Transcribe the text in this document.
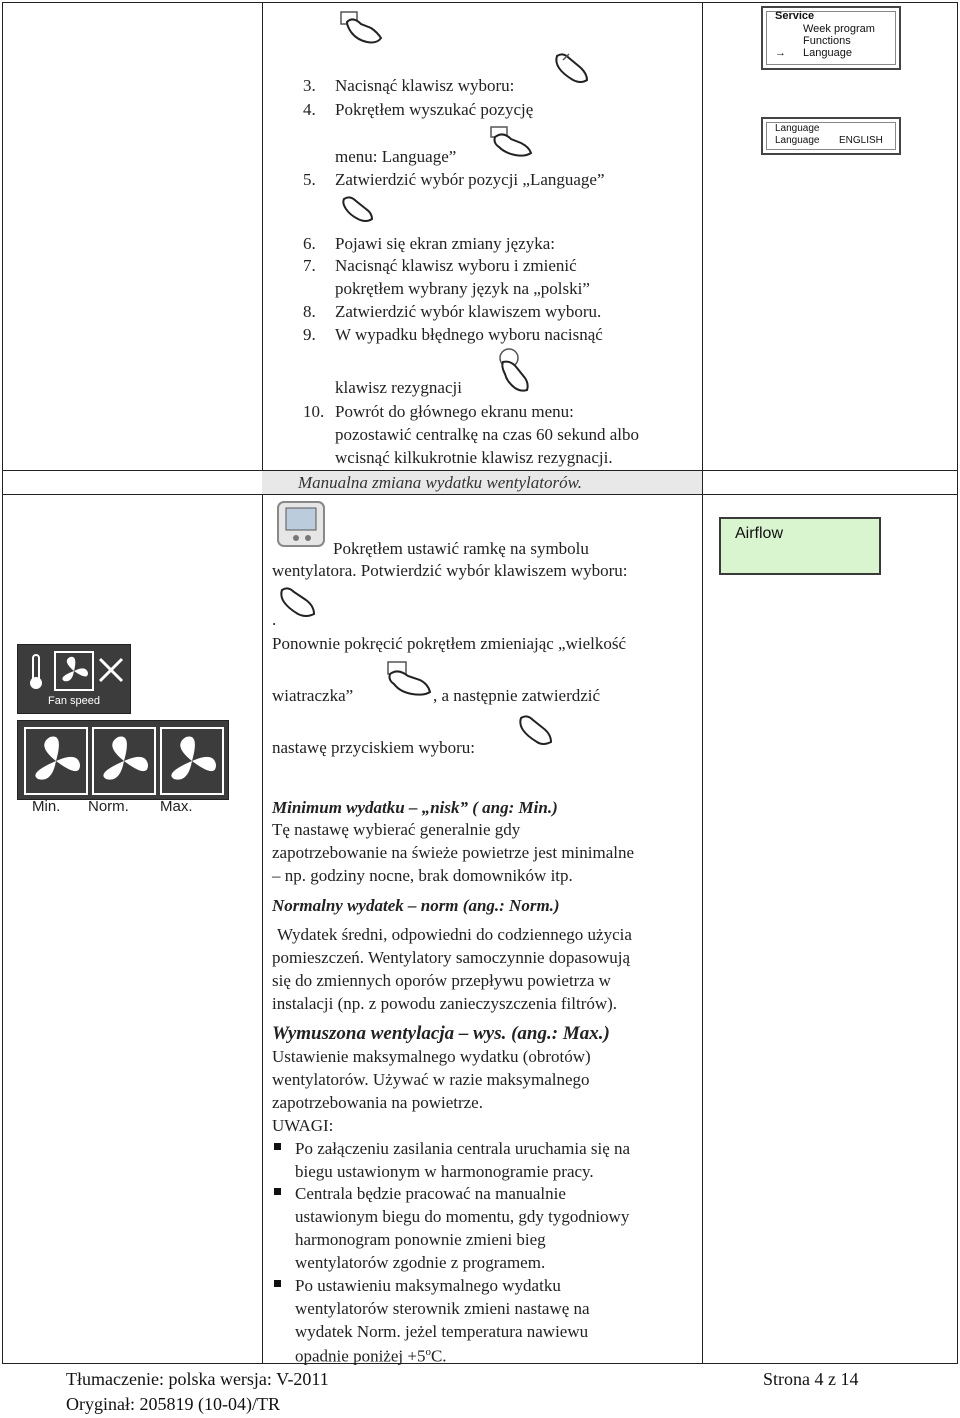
Manualna zmiana wydatku wentylatorów.
3. Nacisnąć klawisz wyboru:
4. Pokrętłem wyszukać pozycję
menu: Language”
5. Zatwierdzić wybór pozycji „Language”
6. Pojawi się ekran zmiany języka:
7. Nacisnąć klawisz wyboru i zmienić
pokrętłem wybrany język na „polski”
8. Zatwierdzić wybór klawiszem wyboru.
9. W wypadku błędnego wyboru nacisnąć
klawisz rezygnacji
10. Powrót do głównego ekranu menu:
pozostawić centralkę na czas 60 sekund albo
wcisnąć kilkukrotnie klawisz rezygnacji.
Service
Week program
Functions
→ Language
Language
Language ENGLISH
Airflow
Pokrętłem ustawić ramkę na symbolu
wentylatora. Potwierdzić wybór klawiszem wyboru:
.
Ponownie pokręcić pokrętłem zmieniając „wielkość
wiatraczka”	, a następnie zatwierdzić
nastawę przyciskiem wyboru:
Fan speed
Min. Norm. Max.	Minimum wydatku – „nisk” ( ang: Min.)
Tę nastawę wybierać generalnie gdy
zapotrzebowanie na świeże powietrze jest minimalne
– np. godziny nocne, brak domowników itp.
Normalny wydatek – norm (ang.: Norm.)
Wydatek średni, odpowiedni do codziennego użycia
pomieszczeń. Wentylatory samoczynnie dopasowują
się do zmiennych oporów przepływu powietrza w
instalacji (np. z powodu zanieczyszczenia filtrów).
Wymuszona wentylacja – wys. (ang.: Max.)
Ustawienie maksymalnego wydatku (obrotów)
wentylatorów. Używać w razie maksymalnego
zapotrzebowania na powietrze.
UWAGI:
Po załączeniu zasilania centrala uruchamia się na
biegu ustawionym w harmonogramie pracy.
Centrala będzie pracować na manualnie
ustawionym biegu do momentu, gdy tygodniowy
harmonogram ponownie zmieni bieg
wentylatorów zgodnie z programem.
Po ustawieniu maksymalnego wydatku
wentylatorów sterownik zmieni nastawę na
wydatek Norm. jeżel temperatura nawiewu
opadnie poniżej $+5^oC$.
Tłumaczenie: polska wersja: V-2011
Oryginał: 205819 (10-04)/TR
Strona 4 z 14
